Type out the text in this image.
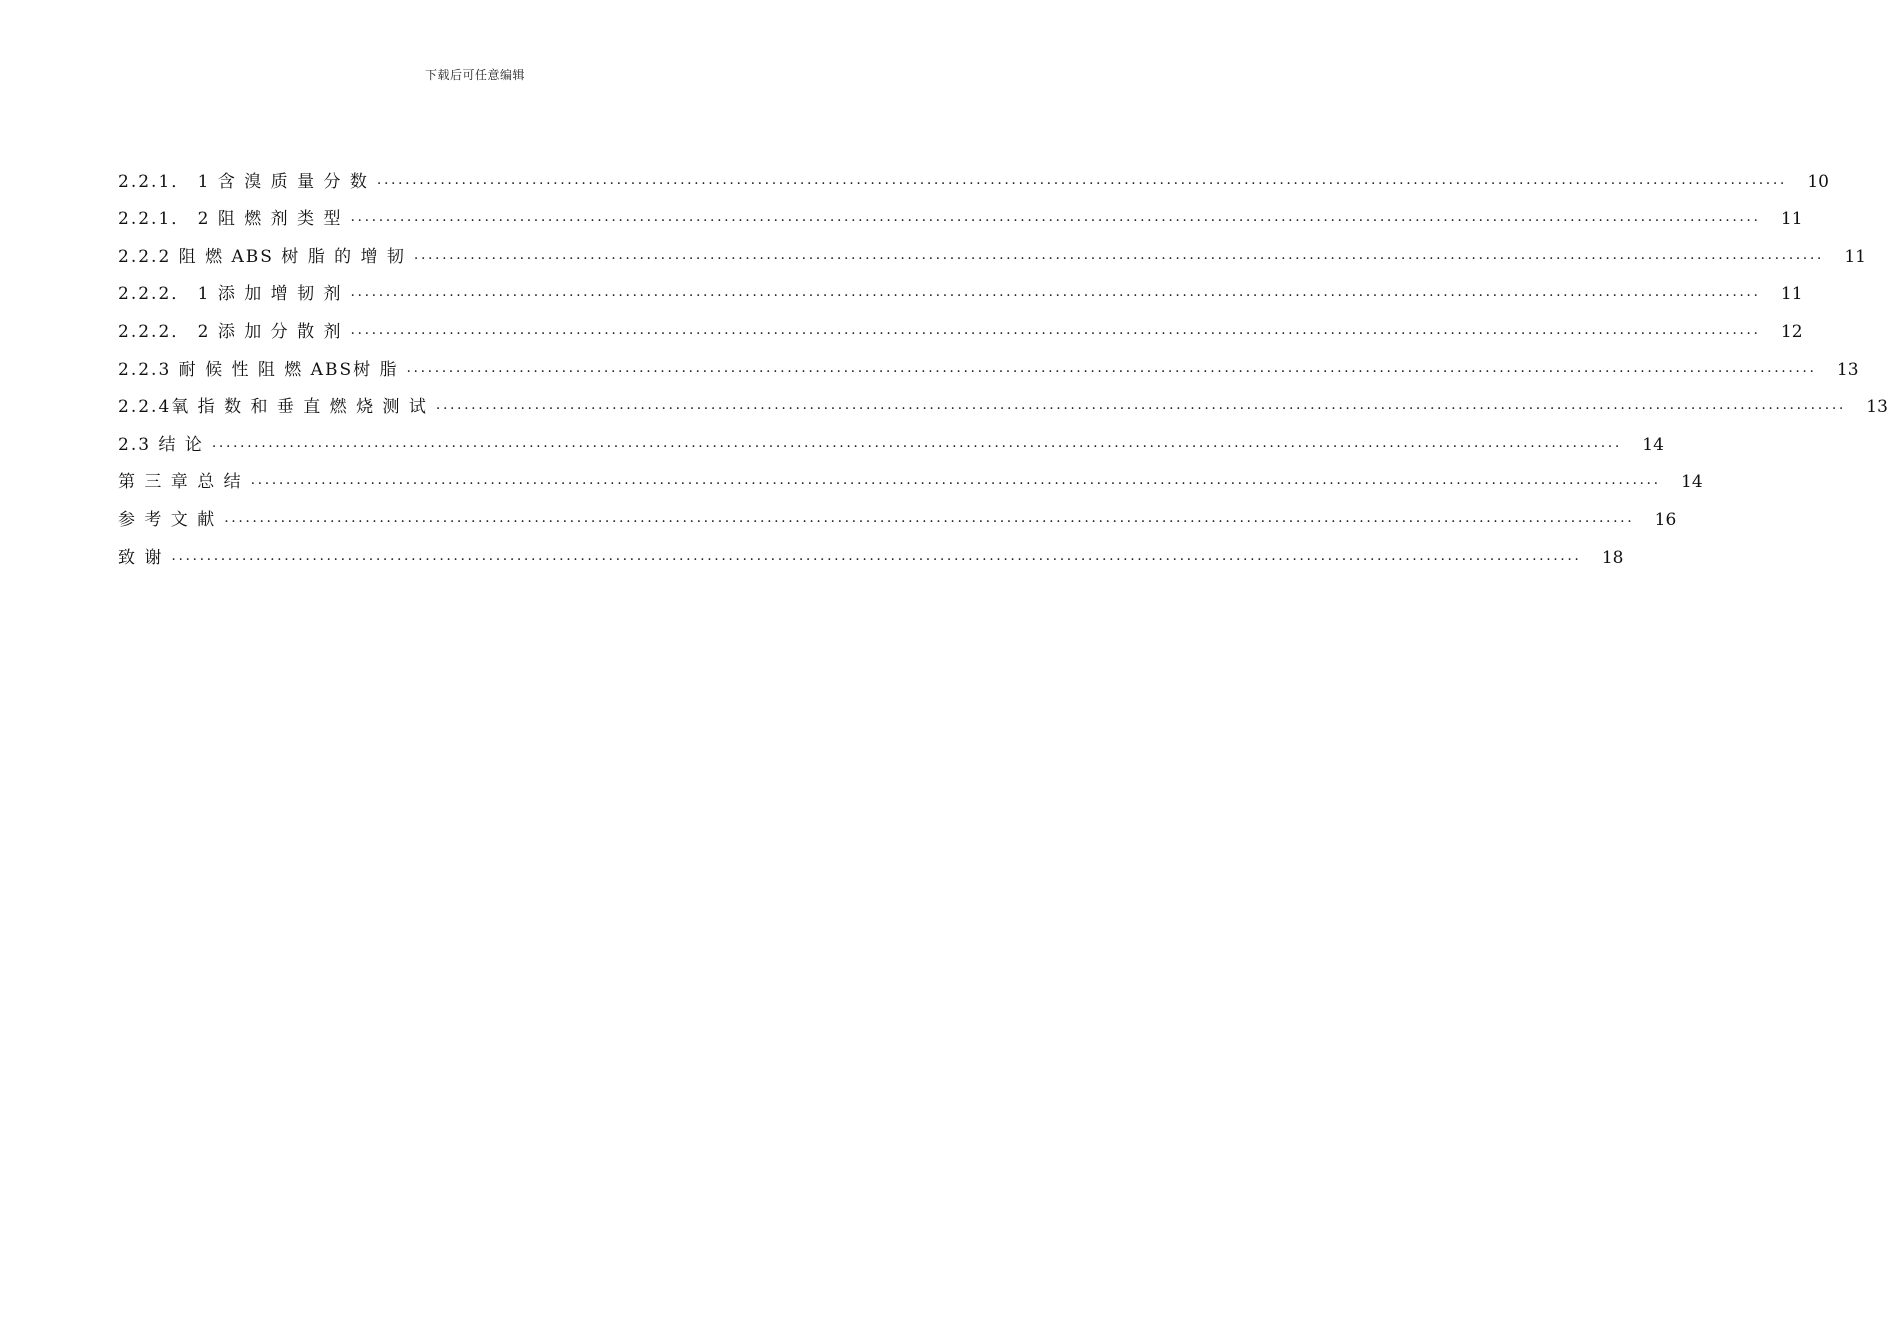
下载后可任意编辑
2.2.1． 1 含 溴 质 量 分 数 ........................................................................................................................................................................................................	10
2.2.1． 2 阻 燃 剂 类 型 ........................................................................................................................................................................................................	11
2.2.2 阻 燃 ABS 树 脂 的 增 韧 ........................................................................................................................................................................................................	11
2.2.2． 1 添 加 增 韧 剂 ........................................................................................................................................................................................................	11
2.2.2． 2 添 加 分 散 剂 ........................................................................................................................................................................................................	12
2.2.3 耐 候 性 阻 燃 ABS树 脂 ........................................................................................................................................................................................................	13
2.2.4氧 指 数 和 垂 直 燃 烧 测 试 ........................................................................................................................................................................................................	13
2.3 结 论 ........................................................................................................................................................................................................	14
第 三 章 总 结 ........................................................................................................................................................................................................	14
参 考 文 献 ........................................................................................................................................................................................................	16
致 谢 ........................................................................................................................................................................................................	18
